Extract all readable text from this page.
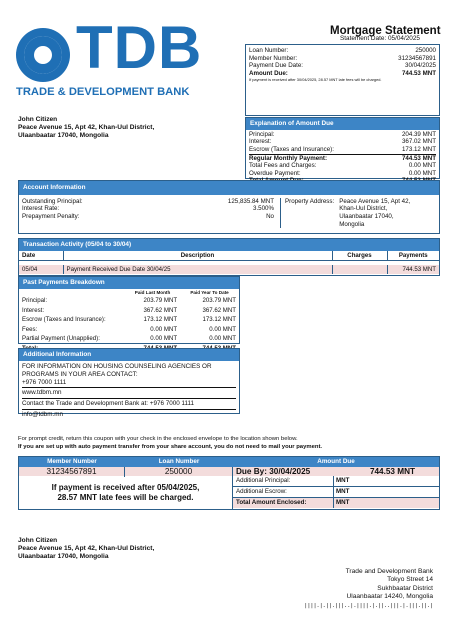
TDB
TRADE & DEVELOPMENT BANK
Mortgage Statement
Statement Date: 05/04/2025
Loan Number:	250000
Member Number:	31234567891
Payment Due Date:	30/04/2025
Amount Due:	744.53 MNT
If payment is received after 30/04/2025, 28.57 MNT late fees will be charged.
Explanation of Amount Due
Principal:	204.39 MNT
Interest:	367.02 MNT
Escrow (Taxes and Insurance):	173.12 MNT
Regular Monthly Payment:	744.53 MNT
Total Fees and Charges:	0.00 MNT
Overdue Payment:	0.00 MNT
John Citizen
Peace Avenue 15, Apt 42, Khan-Uul District,
Ulaanbaatar 17040, Mongolia
Account Information
Outstanding Principal:	125,835.84 MNT
Interest Rate:	3.500%
Prepayment Penalty:	No
Property Address: Peace Avenue 15, Apt 42,
Khan-Uul District,
Ulaanbaatar 17040,
Mongolia
Transaction Activity (05/04 to 30/04)
Date	Description	Charges	Payments

05/04	Payment Received Due Date 30/04/25		744.53 MNT
Past Payments Breakdown
	Paid Last Month	Paid Year To Date
Principal:	203.79 MNT	203.79 MNT
Interest:	367.62 MNT	367.62 MNT
Escrow (Taxes and Insurance):	173.12 MNT	173.12 MNT
Fees:	0.00 MNT	0.00 MNT
Partial Payment (Unapplied):	0.00 MNT	0.00 MNT

Additional Information
FOR INFORMATION ON HOUSING COUNSELING AGENCIES OR
PROGRAMS IN YOUR AREA CONTACT:
+976 7000 1111
www.tdbm.mn
Contact the Trade and Development Bank at: +976 7000 1111
info@tdbm.mn
For prompt credit, return this coupon with your check in the enclosed envelope to the location shown below.
If you are set up with auto payment transfer from your share account, you do not need to mail your payment.
Member Number	Loan Number	Amount Due
31234567891	250000	Due By: 30/04/2025	744.53 MNT
If payment is received after 05/04/2025,
28.57 MNT late fees will be charged.
Additional Principal:	MNT
Additional Escrow:	MNT
Total Amount Enclosed:	MNT
John Citizen
Peace Avenue 15, Apt 42, Khan-Uul District,
Ulaanbaatar 17040, Mongolia
Trade and Development Bank
Tokyo Street 14
Sukhbaatar District
Ulaanbaatar 14240, Mongolia
||||.|.||.|||..|.||||.|.||..|||.|.|||.||.|
